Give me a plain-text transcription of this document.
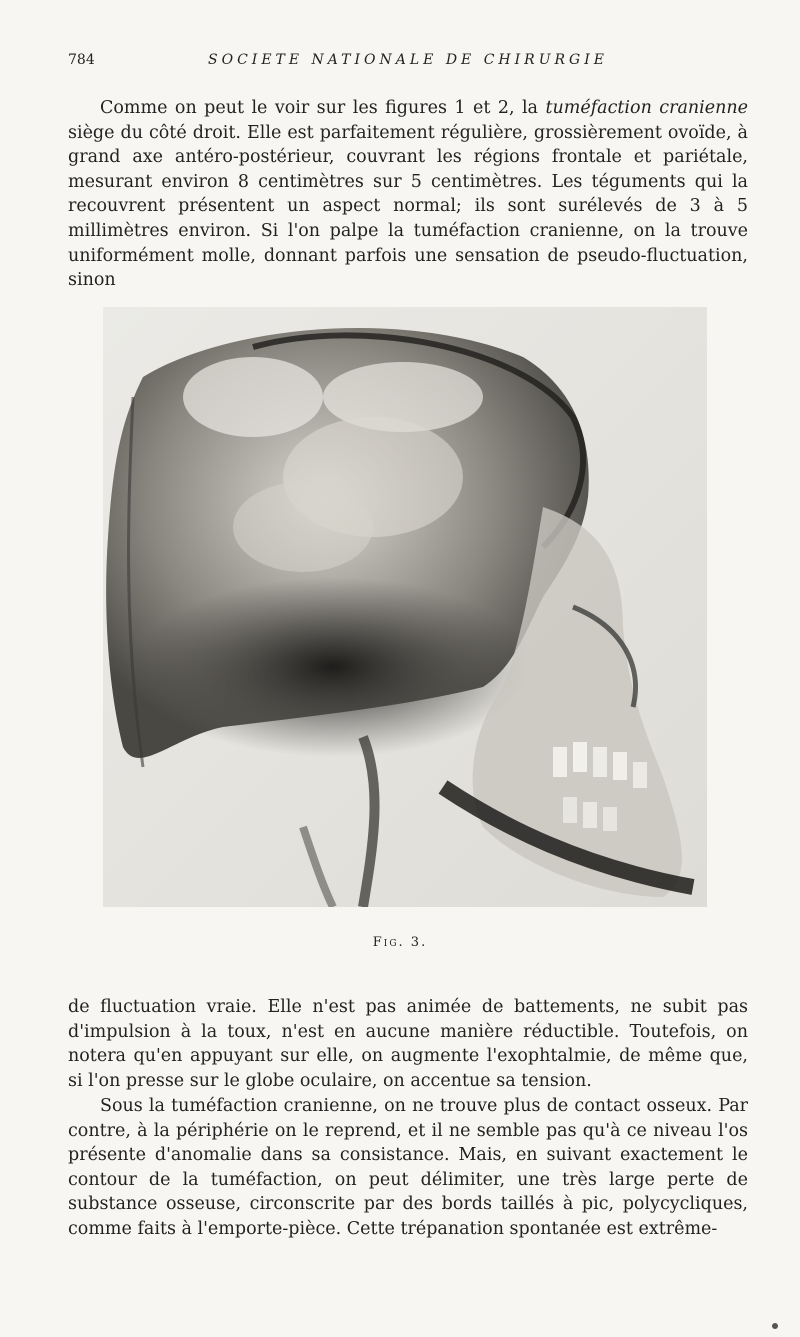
784	SOCIETE NATIONALE DE CHIRURGIE

Comme on peut le voir sur les figures 1 et 2, la tuméfaction cranienne siège du côté droit. Elle est parfaitement régulière, grossièrement ovoïde, à grand axe antéro-postérieur, couvrant les régions frontale et pariétale, mesurant environ 8 centimètres sur 5 centimètres. Les téguments qui la recouvrent présentent un aspect normal; ils sont surélevés de 3 à 5 millimètres environ. Si l'on palpe la tuméfaction cranienne, on la trouve uniformément molle, donnant parfois une sensation de pseudo-fluctuation, sinon

Fig. 3.

de fluctuation vraie. Elle n'est pas animée de battements, ne subit pas d'impulsion à la toux, n'est en aucune manière réductible. Toutefois, on notera qu'en appuyant sur elle, on augmente l'exophtalmie, de même que, si l'on presse sur le globe oculaire, on accentue sa tension.

Sous la tuméfaction cranienne, on ne trouve plus de contact osseux. Par contre, à la périphérie on le reprend, et il ne semble pas qu'à ce niveau l'os présente d'anomalie dans sa consistance. Mais, en suivant exactement le contour de la tuméfaction, on peut délimiter, une très large perte de substance osseuse, circonscrite par des bords taillés à pic, polycycliques, comme faits à l'emporte-pièce. Cette trépanation spontanée est extrême-
